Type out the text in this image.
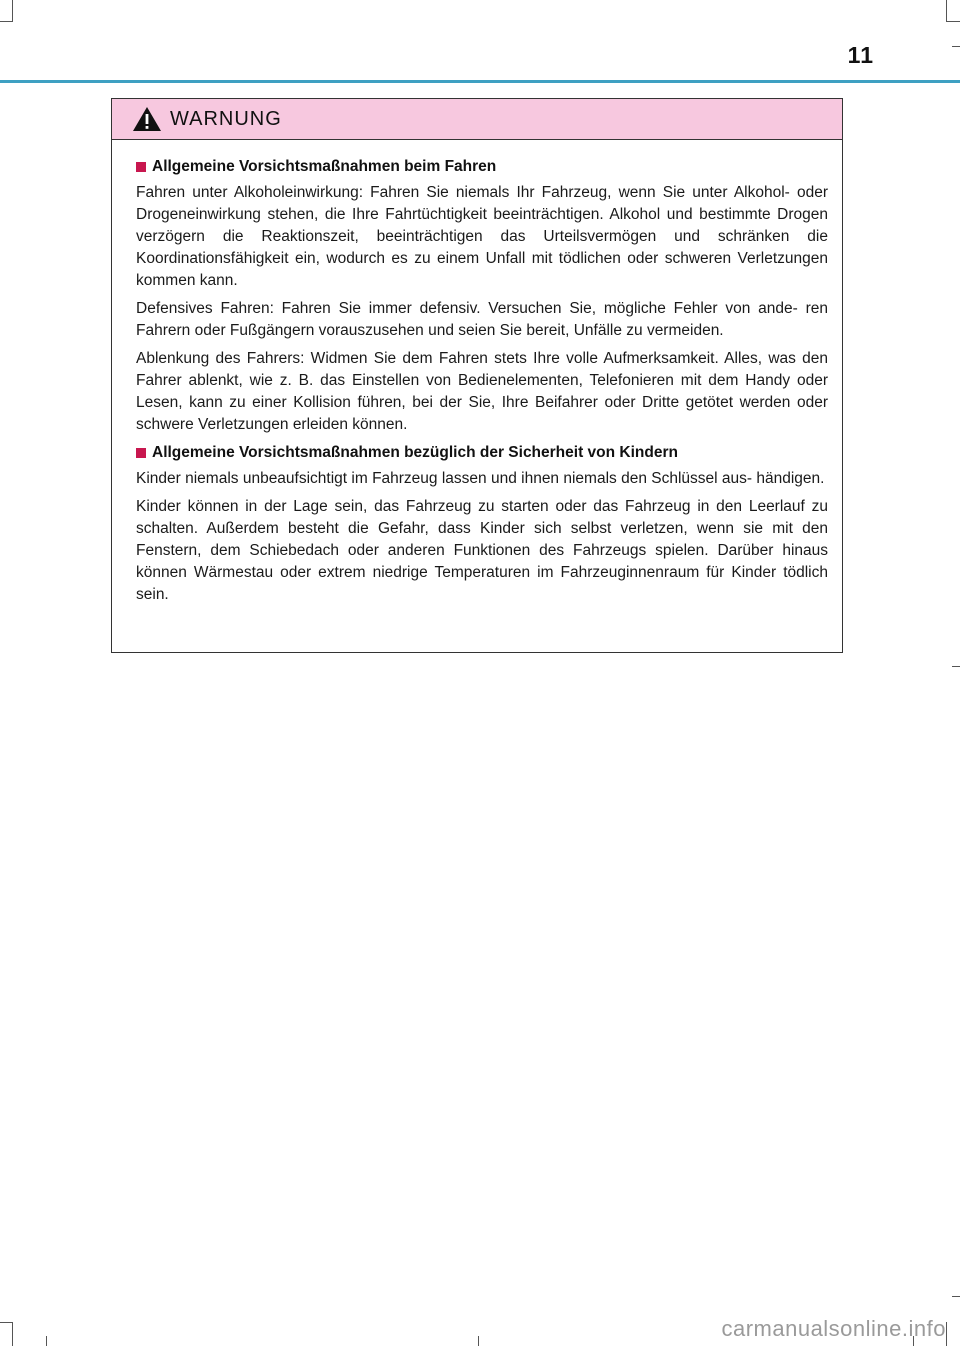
11
WARNUNG
Allgemeine Vorsichtsmaßnahmen beim Fahren

Fahren unter Alkoholeinwirkung: Fahren Sie niemals Ihr Fahrzeug, wenn Sie unter Alkohol- oder Drogeneinwirkung stehen, die Ihre Fahrtüchtigkeit beeinträchtigen. Alkohol und bestimmte Drogen verzögern die Reaktionszeit, beeinträchtigen das Urteilsvermögen und schränken die Koordinationsfähigkeit ein, wodurch es zu einem Unfall mit tödlichen oder schweren Verletzungen kommen kann.

Defensives Fahren: Fahren Sie immer defensiv. Versuchen Sie, mögliche Fehler von ande- ren Fahrern oder Fußgängern vorauszusehen und seien Sie bereit, Unfälle zu vermeiden.

Ablenkung des Fahrers: Widmen Sie dem Fahren stets Ihre volle Aufmerksamkeit. Alles, was den Fahrer ablenkt, wie z. B. das Einstellen von Bedienelementen, Telefonieren mit dem Handy oder Lesen, kann zu einer Kollision führen, bei der Sie, Ihre Beifahrer oder Dritte getötet werden oder schwere Verletzungen erleiden können.

Allgemeine Vorsichtsmaßnahmen bezüglich der Sicherheit von Kindern

Kinder niemals unbeaufsichtigt im Fahrzeug lassen und ihnen niemals den Schlüssel aus- händigen.

Kinder können in der Lage sein, das Fahrzeug zu starten oder das Fahrzeug in den Leerlauf zu schalten. Außerdem besteht die Gefahr, dass Kinder sich selbst verletzen, wenn sie mit den Fenstern, dem Schiebedach oder anderen Funktionen des Fahrzeugs spielen. Darüber hinaus können Wärmestau oder extrem niedrige Temperaturen im Fahrzeuginnenraum für Kinder tödlich sein.

carmanualsonline.info
